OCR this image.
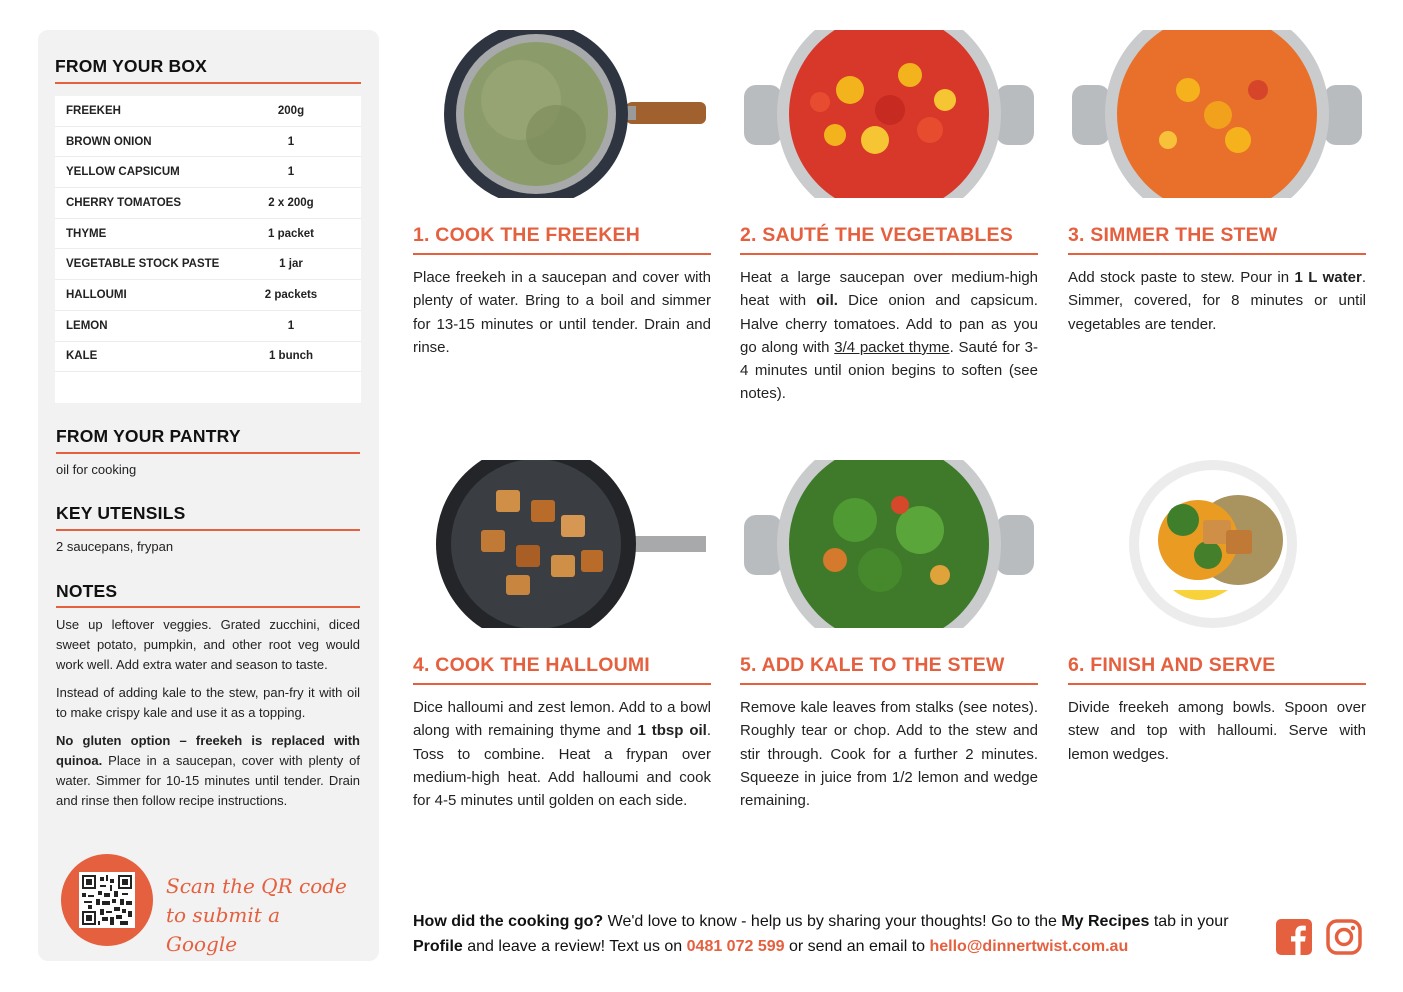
FROM YOUR BOX
FREEKEH	200g
BROWN ONION	1
YELLOW CAPSICUM	1
CHERRY TOMATOES	2 x 200g
THYME	1 packet
VEGETABLE STOCK PASTE	1 jar
HALLOUMI	2 packets
LEMON	1
KALE	1 bunch
FROM YOUR PANTRY
oil for cooking
KEY UTENSILS
2 saucepans, frypan
NOTES

Use up leftover veggies. Grated zucchini, diced sweet potato, pumpkin, and other root veg would work well. Add extra water and season to taste.

Instead of adding kale to the stew, pan-fry it with oil to make crispy kale and use it as a topping.

No gluten option – freekeh is replaced with quinoa. Place in a saucepan, cover with plenty of water. Simmer for 10-15 minutes until tender. Drain and rinse then follow recipe instructions.

Scan the QR code to submit a Google
1. COOK THE FREEKEH
Place freekeh in a saucepan and cover with plenty of water. Bring to a boil and simmer for 13-15 minutes or until tender. Drain and rinse.
2. SAUTÉ THE VEGETABLES
Heat a large saucepan over medium-high heat with oil. Dice onion and capsicum. Halve cherry tomatoes. Add to pan as you go along with 3/4 packet thyme. Sauté for 3-4 minutes until onion begins to soften (see notes).
3. SIMMER THE STEW
Add stock paste to stew. Pour in 1 L water. Simmer, covered, for 8 minutes or until vegetables are tender.
4. COOK THE HALLOUMI
Dice halloumi and zest lemon. Add to a bowl along with remaining thyme and 1 tbsp oil. Toss to combine. Heat a frypan over medium-high heat. Add halloumi and cook for 4-5 minutes until golden on each side.
5. ADD KALE TO THE STEW
Remove kale leaves from stalks (see notes). Roughly tear or chop. Add to the stew and stir through. Cook for a further 2 minutes. Squeeze in juice from 1/2 lemon and wedge remaining.
6. FINISH AND SERVE
Divide freekeh among bowls. Spoon over stew and top with halloumi. Serve with lemon wedges.
How did the cooking go? We'd love to know - help us by sharing your thoughts! Go to the My Recipes tab in your Profile and leave a review! Text us on 0481 072 599 or send an email to hello@dinnertwist.com.au
